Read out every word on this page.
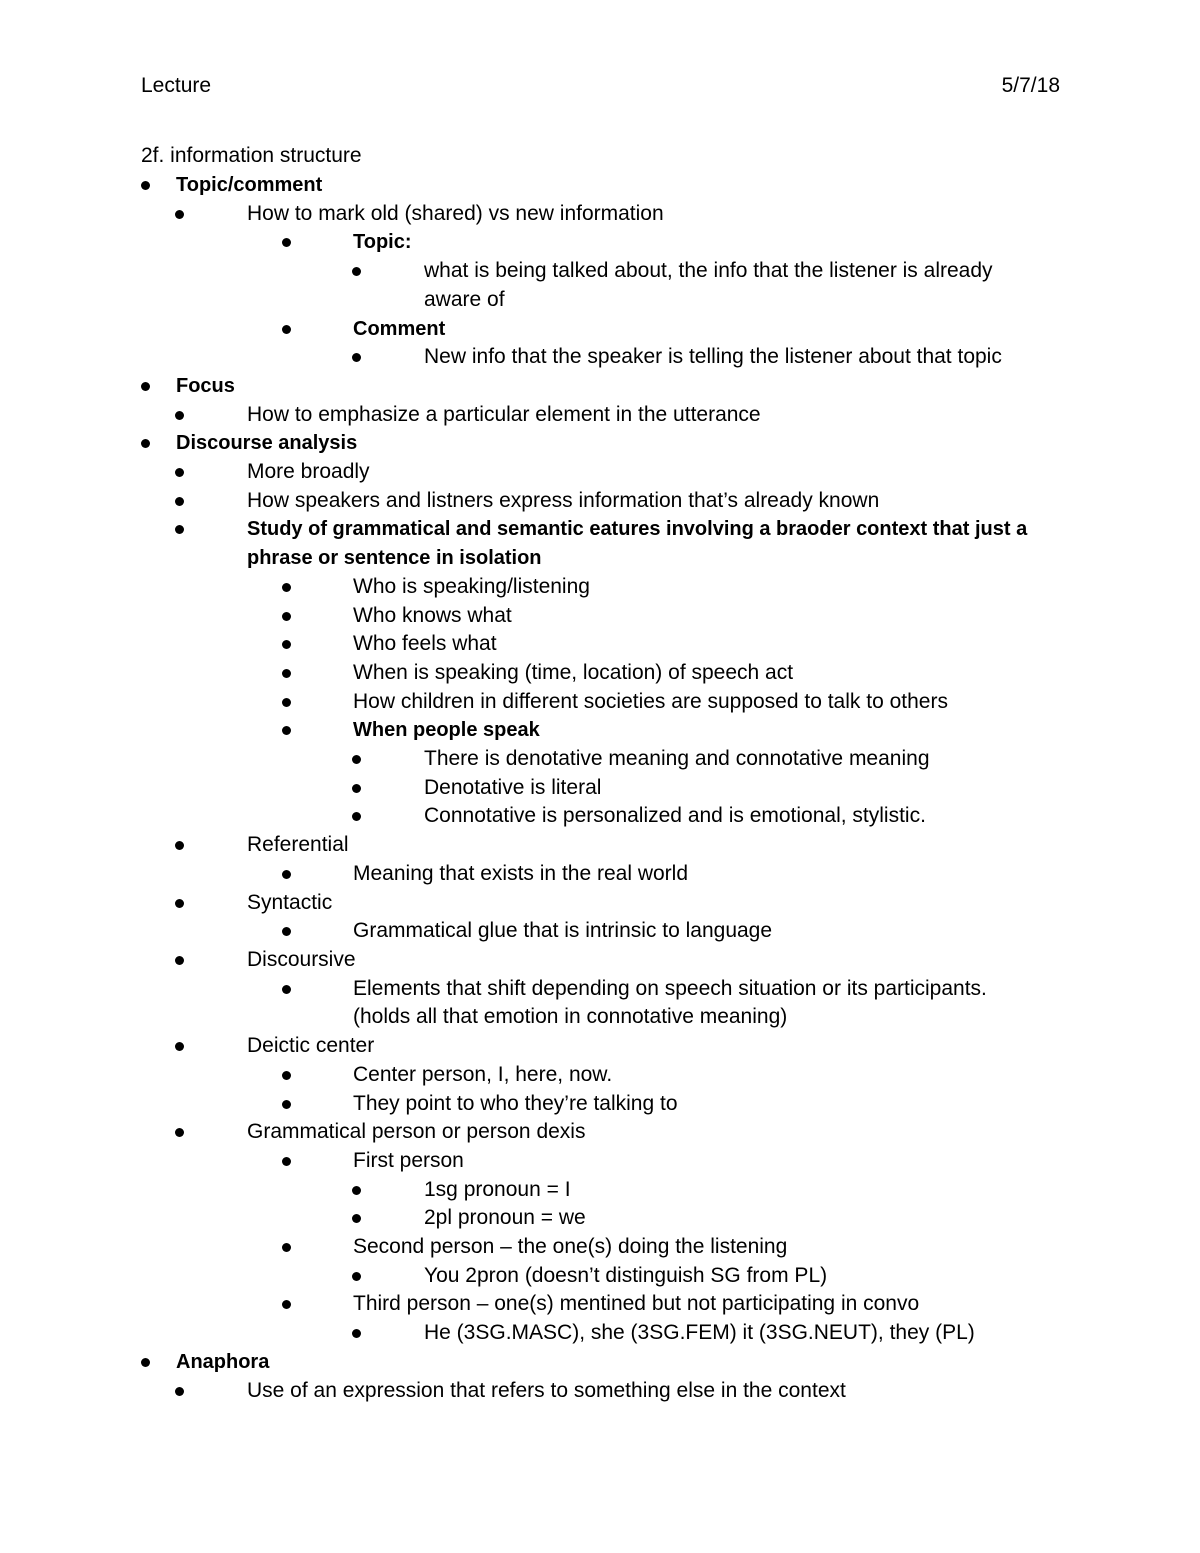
Lecture	5/7/18
2f. information structure
Topic/comment
How to mark old (shared) vs new information
Topic:
what is being talked about, the info that the listener is already aware of
Comment
New info that the speaker is telling the listener about that topic
Focus
How to emphasize a particular element in the utterance
Discourse analysis
More broadly
How speakers and listners express information that’s already known
Study of grammatical and semantic eatures involving a braoder context that just a phrase or sentence in isolation
Who is speaking/listening
Who knows what
Who feels what
When is speaking (time, location) of speech act
How children in different societies are supposed to talk to others
When people speak
There is denotative meaning and connotative meaning
Denotative is literal
Connotative is personalized and is emotional, stylistic.
Referential
Meaning that exists in the real world
Syntactic
Grammatical glue that is intrinsic to language
Discoursive
Elements that shift depending on speech situation or its participants. (holds all that emotion in connotative meaning)
Deictic center
Center person, I, here, now.
They point to who they’re talking to
Grammatical person or person dexis
First person
1sg pronoun = I
2pl pronoun = we
Second person – the one(s) doing the listening
You 2pron (doesn’t distinguish SG from PL)
Third person – one(s) mentined but not participating in convo
He (3SG.MASC), she (3SG.FEM) it (3SG.NEUT), they (PL)
Anaphora
Use of an expression that refers to something else in the context
